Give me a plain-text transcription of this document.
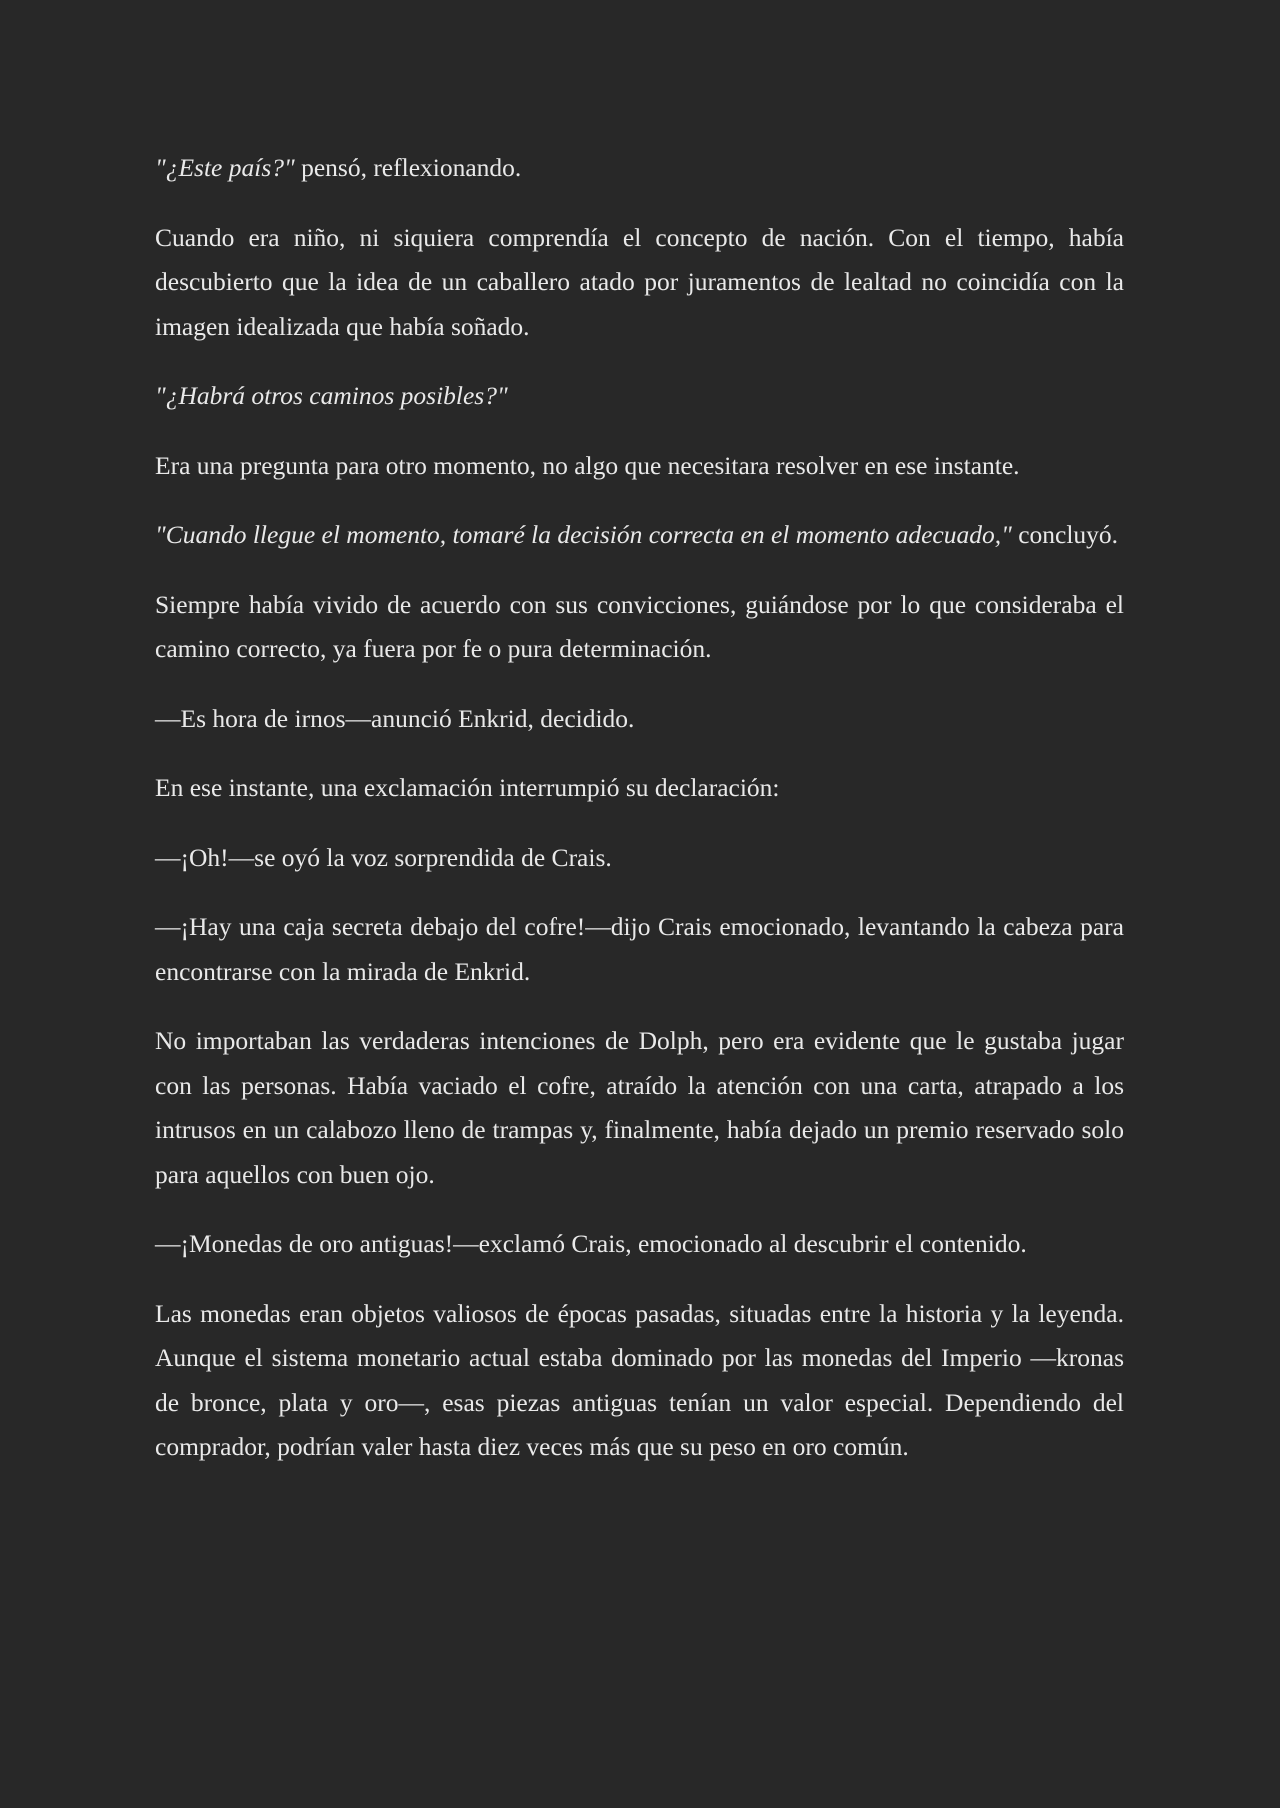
"¿Este país?" pensó, reflexionando.

Cuando era niño, ni siquiera comprendía el concepto de nación. Con el tiempo, había descubierto que la idea de un caballero atado por juramentos de lealtad no coincidía con la imagen idealizada que había soñado.

"¿Habrá otros caminos posibles?"

Era una pregunta para otro momento, no algo que necesitara resolver en ese instante.

"Cuando llegue el momento, tomaré la decisión correcta en el momento adecuado," concluyó.

Siempre había vivido de acuerdo con sus convicciones, guiándose por lo que consideraba el camino correcto, ya fuera por fe o pura determinación.

—Es hora de irnos—anunció Enkrid, decidido.

En ese instante, una exclamación interrumpió su declaración:

—¡Oh!—se oyó la voz sorprendida de Crais.

—¡Hay una caja secreta debajo del cofre!—dijo Crais emocionado, levantando la cabeza para encontrarse con la mirada de Enkrid.

No importaban las verdaderas intenciones de Dolph, pero era evidente que le gustaba jugar con las personas. Había vaciado el cofre, atraído la atención con una carta, atrapado a los intrusos en un calabozo lleno de trampas y, finalmente, había dejado un premio reservado solo para aquellos con buen ojo.

—¡Monedas de oro antiguas!—exclamó Crais, emocionado al descubrir el contenido.

Las monedas eran objetos valiosos de épocas pasadas, situadas entre la historia y la leyenda. Aunque el sistema monetario actual estaba dominado por las monedas del Imperio —kronas de bronce, plata y oro—, esas piezas antiguas tenían un valor especial. Dependiendo del comprador, podrían valer hasta diez veces más que su peso en oro común.
